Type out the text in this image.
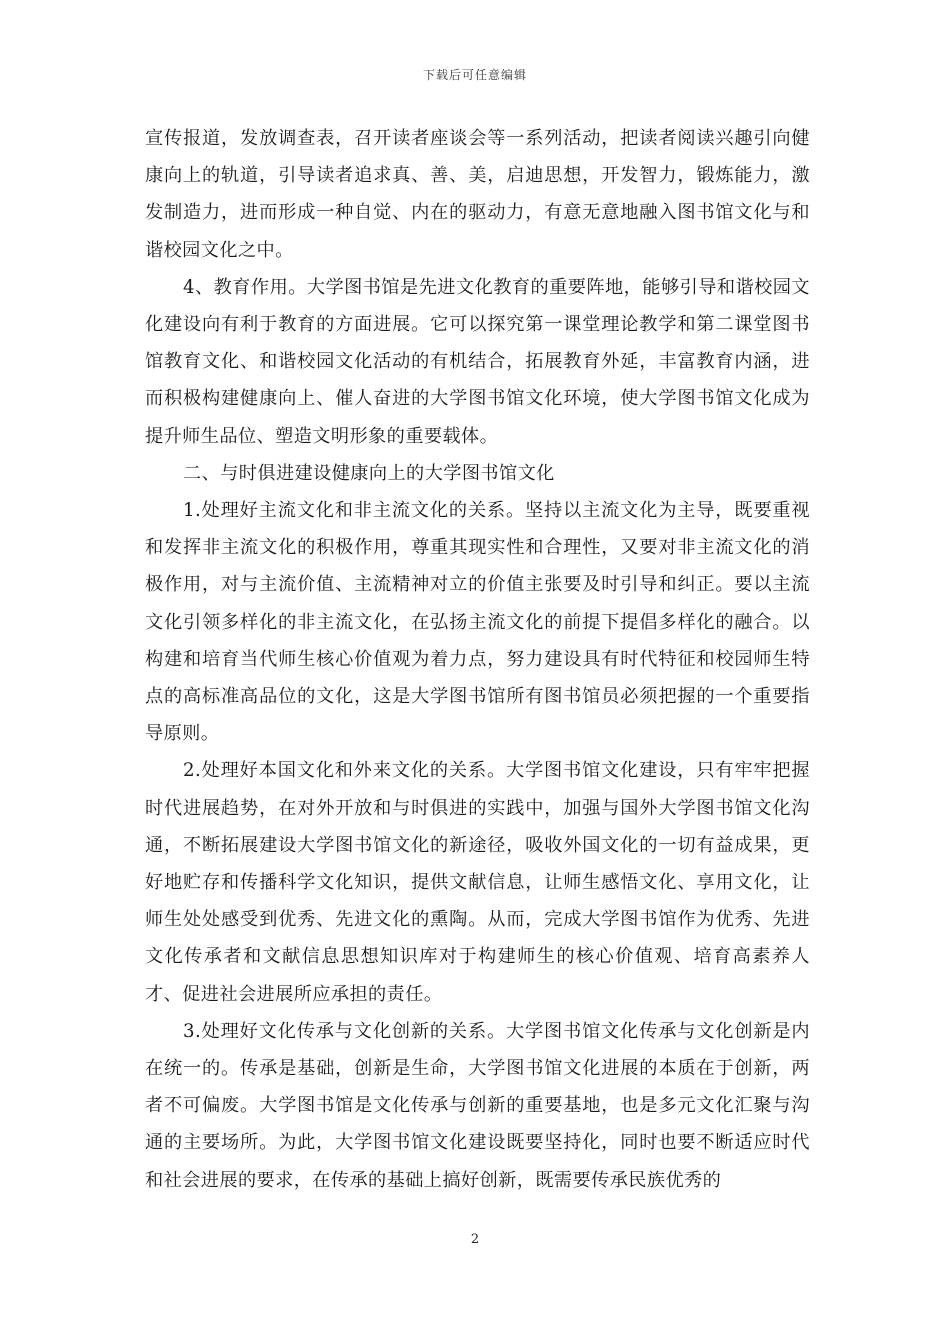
下载后可任意编辑

宣传报道，发放调查表，召开读者座谈会等一系列活动，把读者阅读兴趣引向健康向上的轨道，引导读者追求真、善、美，启迪思想，开发智力，锻炼能力，激发制造力，进而形成一种自觉、内在的驱动力，有意无意地融入图书馆文化与和谐校园文化之中。

4、教育作用。大学图书馆是先进文化教育的重要阵地，能够引导和谐校园文化建设向有利于教育的方面进展。它可以探究第一课堂理论教学和第二课堂图书馆教育文化、和谐校园文化活动的有机结合，拓展教育外延，丰富教育内涵，进而积极构建健康向上、催人奋进的大学图书馆文化环境，使大学图书馆文化成为提升师生品位、塑造文明形象的重要载体。

二、与时俱进建设健康向上的大学图书馆文化

1.处理好主流文化和非主流文化的关系。坚持以主流文化为主导，既要重视和发挥非主流文化的积极作用，尊重其现实性和合理性，又要对非主流文化的消极作用，对与主流价值、主流精神对立的价值主张要及时引导和纠正。要以主流文化引领多样化的非主流文化，在弘扬主流文化的前提下提倡多样化的融合。以构建和培育当代师生核心价值观为着力点，努力建设具有时代特征和校园师生特点的高标准高品位的文化，这是大学图书馆所有图书馆员必须把握的一个重要指导原则。

2.处理好本国文化和外来文化的关系。大学图书馆文化建设，只有牢牢把握时代进展趋势，在对外开放和与时俱进的实践中，加强与国外大学图书馆文化沟通，不断拓展建设大学图书馆文化的新途径，吸收外国文化的一切有益成果，更好地贮存和传播科学文化知识，提供文献信息，让师生感悟文化、享用文化，让师生处处感受到优秀、先进文化的熏陶。从而，完成大学图书馆作为优秀、先进文化传承者和文献信息思想知识库对于构建师生的核心价值观、培育高素养人才、促进社会进展所应承担的责任。

3.处理好文化传承与文化创新的关系。大学图书馆文化传承与文化创新是内在统一的。传承是基础，创新是生命，大学图书馆文化进展的本质在于创新，两者不可偏废。大学图书馆是文化传承与创新的重要基地，也是多元文化汇聚与沟通的主要场所。为此，大学图书馆文化建设既要坚持化，同时也要不断适应时代和社会进展的要求，在传承的基础上搞好创新，既需要传承民族优秀的

2
